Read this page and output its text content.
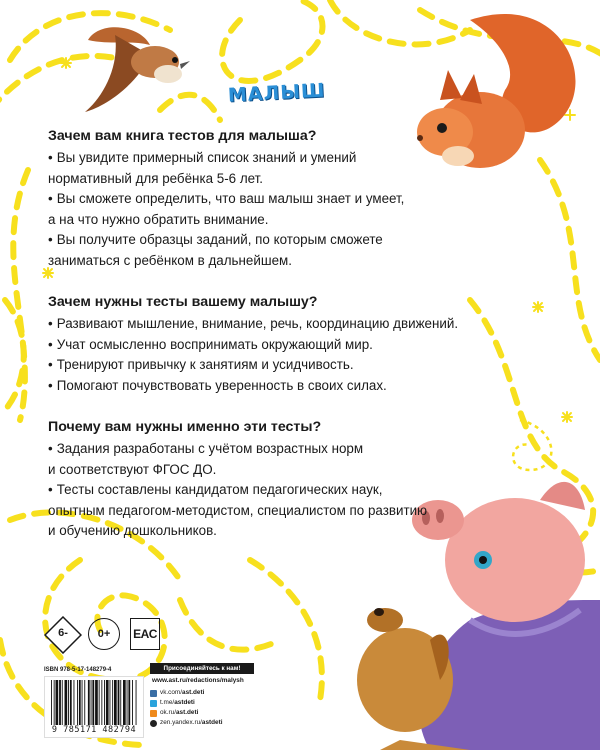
МАЛЫШ

Зачем вам книга тестов для малыша?

• Вы увидите примерный список знаний и умений
нормативный для ребёнка 5-6 лет.
• Вы сможете определить, что ваш малыш знает и умеет,
а на что нужно обратить внимание.
• Вы получите образцы заданий, по которым сможете
заниматься с ребёнком в дальнейшем.

Зачем нужны тесты вашему малышу?

• Развивают мышление, внимание, речь, координацию движений.
• Учат осмысленно воспринимать окружающий мир.
• Тренируют привычку к занятиям и усидчивость.
• Помогают почувствовать уверенность в своих силах.

Почему вам нужны именно эти тесты?

• Задания разработаны с учётом возрастных норм
и соответствуют ФГОС ДО.
• Тесты составлены кандидатом педагогических наук,
опытным педагогом-методистом, специалистом по развитию
и обучению дошкольников.
6-	0+	EAC
ISBN 978-5-17-148279-4
9 785171 482794
Присоединяйтесь к нам!
www.ast.ru/redactions/malysh
vk.com/ ast.deti
t.me/ astdeti
ok.ru/ ast.deti
zen.yandex.ru/ astdeti
